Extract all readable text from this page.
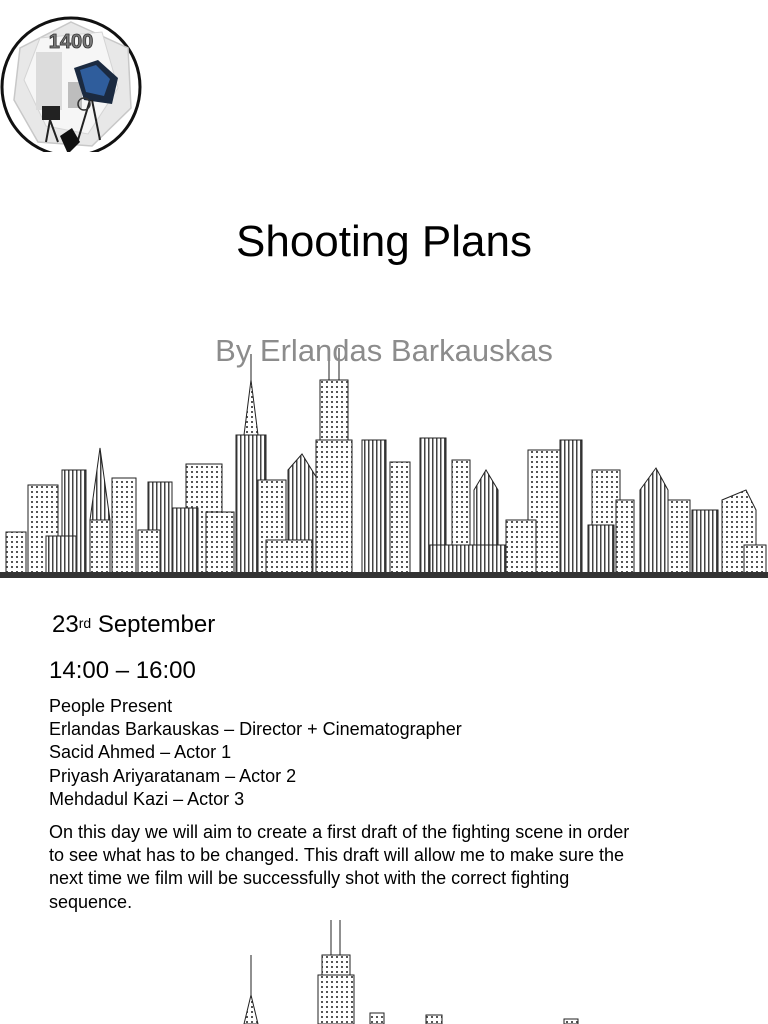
1400
Shooting Plans
By Erlandas Barkauskas
23rd September
14:00 – 16:00
People Present
Erlandas Barkauskas – Director + Cinematographer
Sacid Ahmed – Actor 1
Priyash Ariyaratanam – Actor 2
Mehdadul Kazi – Actor 3
On this day we will aim to create a first draft of the fighting scene in order to see what has to be changed. This draft will allow me to make sure the next time we film will be successfully shot with the correct fighting sequence.
